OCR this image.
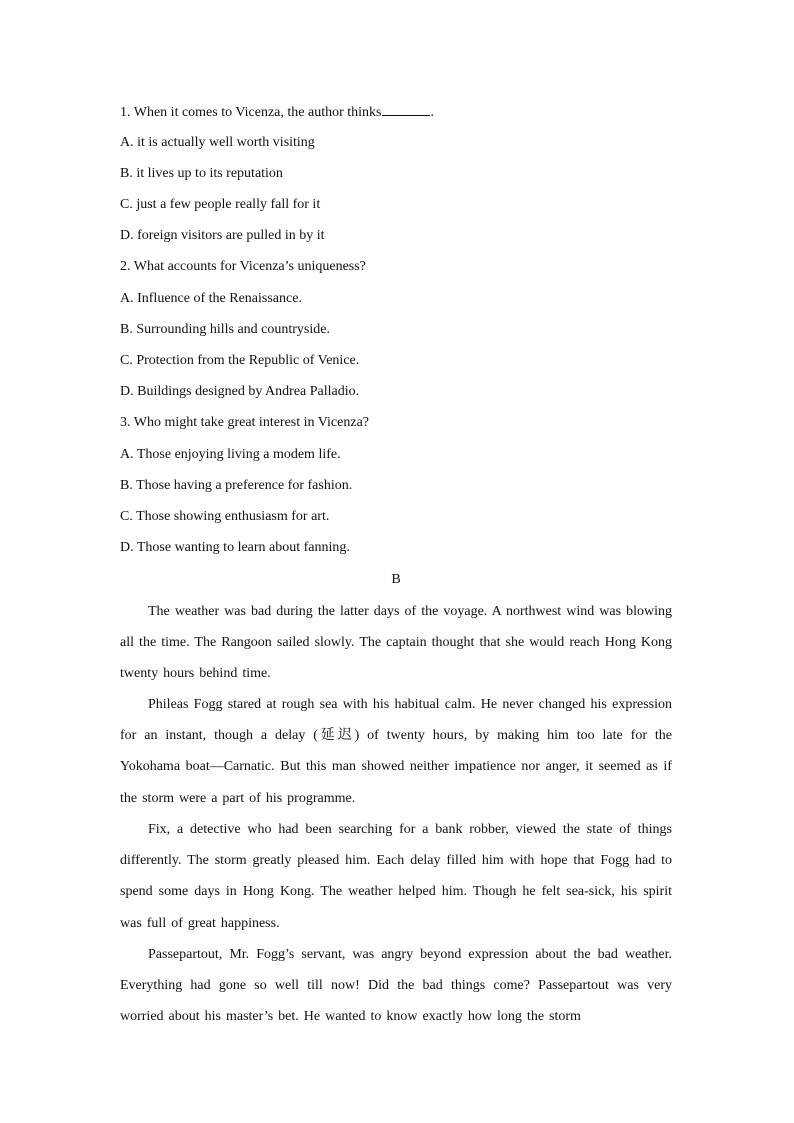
1. When it comes to Vicenza, the author thinks	.
A. it is actually well worth visiting
B. it lives up to its reputation
C. just a few people really fall for it
D. foreign visitors are pulled in by it
2. What accounts for Vicenza’s uniqueness?
A. Influence of the Renaissance.
B. Surrounding hills and countryside.
C. Protection from the Republic of Venice.
D. Buildings designed by Andrea Palladio.
3. Who might take great interest in Vicenza?
A. Those enjoying living a modem life.
B. Those having a preference for fashion.
C. Those showing enthusiasm for art.
D. Those wanting to learn about fanning.
B

The weather was bad during the latter days of the voyage. A northwest wind was blowing all the time. The Rangoon sailed slowly. The captain thought that she would reach Hong Kong twenty hours behind time.

Phileas Fogg stared at rough sea with his habitual calm. He never changed his expression for an instant, though a delay (延迟) of twenty hours, by making him too late for the Yokohama boat—Carnatic. But this man showed neither impatience nor anger, it seemed as if the storm were a part of his programme.

Fix, a detective who had been searching for a bank robber, viewed the state of things differently. The storm greatly pleased him. Each delay filled him with hope that Fogg had to spend some days in Hong Kong. The weather helped him. Though he felt sea-sick, his spirit was full of great happiness.

Passepartout, Mr. Fogg’s servant, was angry beyond expression about the bad weather. Everything had gone so well till now! Did the bad things come? Passepartout was very worried about his master’s bet. He wanted to know exactly how long the storm
